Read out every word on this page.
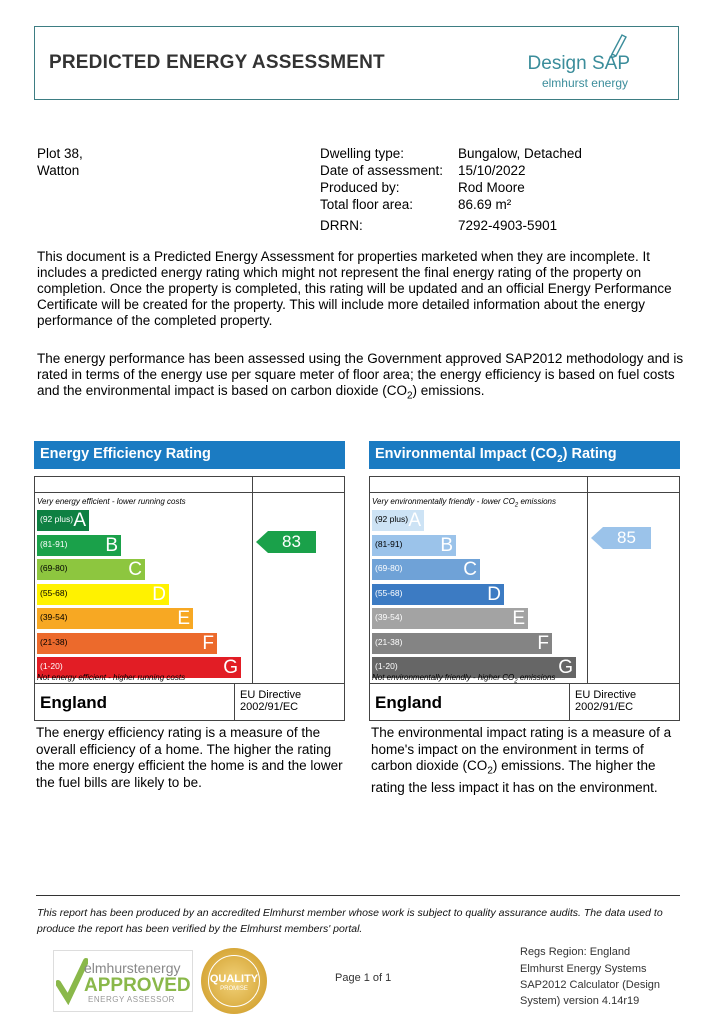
PREDICTED ENERGY ASSESSMENT	Design SAP
elmhurst energy
Plot 38,
Watton
Dwelling type:	Bungalow, Detached
Date of assessment: 15/10/2022
Produced by:	Rod Moore
Total floor area:	86.69 m²
DRRN:	7292-4903-5901
This document is a Predicted Energy Assessment for properties marketed when they are incomplete. It includes a predicted energy rating which might not represent the final energy rating of the property on completion. Once the property is completed, this rating will be updated and an official Energy Performance Certificate will be created for the property. This will include more detailed information about the energy performance of the completed property.
The energy performance has been assessed using the Government approved SAP2012 methodology and is rated in terms of the energy use per square meter of floor area; the energy efficiency is based on fuel costs and the environmental impact is based on carbon dioxide $(CO_2)$ emissions.
Energy Efficiency Rating
Very energy efficient - lower running costs
(92 plus) A
(81-91) B
(69-80)	C
(55-68)	D
(39-54)	E
(21-38)	F
(1-20)	G
Not energy efficient - higher running costs
83
England	EU Directive
2002/91/EC
The energy efficiency rating is a measure of the overall efficiency of a home. The higher the rating the more energy efficient the home is and the lower the fuel bills are likely to be.
Environmental Impact $(CO_2)$ Rating
Very environmentally friendly - lower $CO_2$ emissions
(92 plus) A
(81-91) B
(69-80)	C
(55-68)	D
(39-54)	E
(21-38)	F
(1-20)	G
Not environmentally friendly - higher $CO_2$ emissions
85
England	EU Directive
2002/91/EC
The environmental impact rating is a measure of a home's impact on the environment in terms of carbon dioxide $(CO_2)$ emissions. The higher the rating the less impact it has on the environment.
This report has been produced by an accredited Elmhurst member whose work is subject to quality assurance audits. The data used to produce the report has been verified by the Elmhurst members' portal.
elmhurstenergy
APPROVED
ENERGY ASSESSOR
QUALITY
PROMISE
Page 1 of 1
Regs Region: England
Elmhurst Energy Systems
SAP2012 Calculator (Design
System) version 4.14r19
